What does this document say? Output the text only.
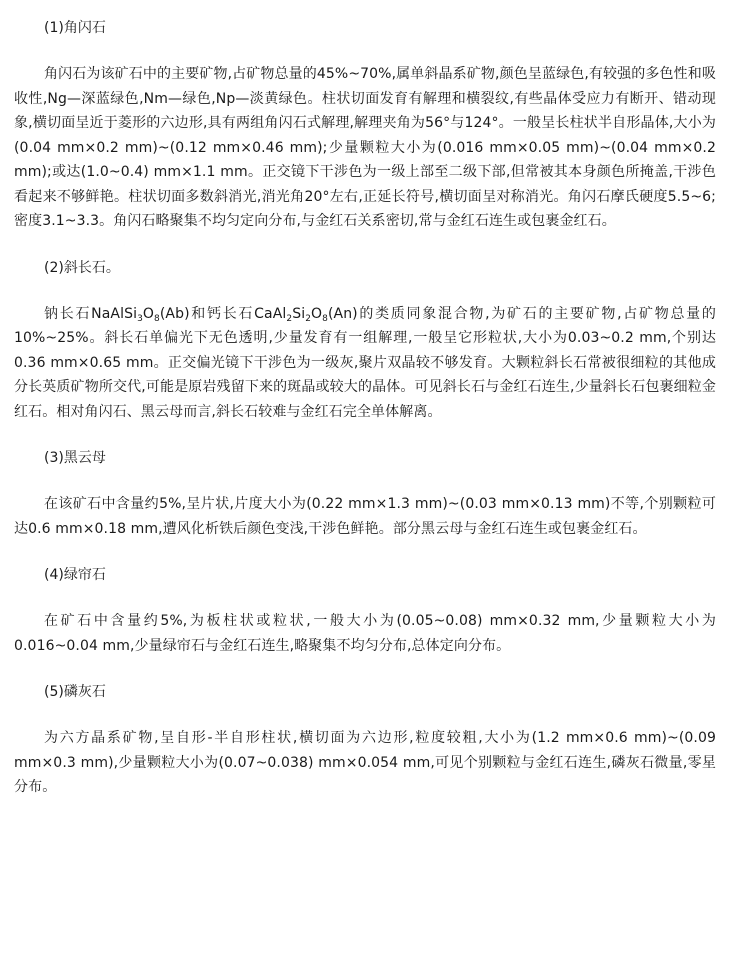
(1)角闪石

角闪石为该矿石中的主要矿物,占矿物总量的45%~70%,属单斜晶系矿物,颜色呈蓝绿色,有较强的多色性和吸收性,Ng—深蓝绿色,Nm—绿色,Np—淡黄绿色。柱状切面发育有解理和横裂纹,有些晶体受应力有断开、错动现象,横切面呈近于菱形的六边形,具有两组角闪石式解理,解理夹角为56°与124°。一般呈长柱状半自形晶体,大小为(0.04 mm×0.2 mm)~(0.12 mm×0.46 mm);少量颗粒大小为(0.016 mm×0.05 mm)~(0.04 mm×0.2 mm);或达(1.0~0.4) mm×1.1 mm。正交镜下干涉色为一级上部至二级下部,但常被其本身颜色所掩盖,干涉色看起来不够鲜艳。柱状切面多数斜消光,消光角20°左右,正延长符号,横切面呈对称消光。角闪石摩氏硬度5.5~6;密度3.1~3.3。角闪石略聚集不均匀定向分布,与金红石关系密切,常与金红石连生或包裹金红石。

(2)斜长石。

钠长石$NaAlSi_3O_8(Ab)$和钙长石$CaAl_2Si_2O_8(An)$的类质同象混合物,为矿石的主要矿物,占矿物总量的10%~25%。斜长石单偏光下无色透明,少量发育有一组解理,一般呈它形粒状,大小为0.03~0.2 mm,个别达 0.36 mm×0.65 mm。正交偏光镜下干涉色为一级灰,聚片双晶较不够发育。大颗粒斜长石常被很细粒的其他成分长英质矿物所交代,可能是原岩残留下来的斑晶或较大的晶体。可见斜长石与金红石连生,少量斜长石包裹细粒金红石。相对角闪石、黑云母而言,斜长石较难与金红石完全单体解离。

(3)黑云母

在该矿石中含量约5%,呈片状,片度大小为(0.22 mm×1.3 mm)~(0.03 mm×0.13 mm)不等,个别颗粒可达0.6 mm×0.18 mm,遭风化析铁后颜色变浅,干涉色鲜艳。部分黑云母与金红石连生或包裹金红石。

(4)绿帘石

在矿石中含量约5%,为板柱状或粒状,一般大小为(0.05~0.08) mm×0.32 mm,少量颗粒大小为0.016~0.04 mm,少量绿帘石与金红石连生,略聚集不均匀分布,总体定向分布。

(5)磷灰石

为六方晶系矿物,呈自形-半自形柱状,横切面为六边形,粒度较粗,大小为(1.2 mm×0.6 mm)~(0.09 mm×0.3 mm),少量颗粒大小为(0.07~0.038) mm×0.054 mm,可见个别颗粒与金红石连生,磷灰石微量,零星分布。
